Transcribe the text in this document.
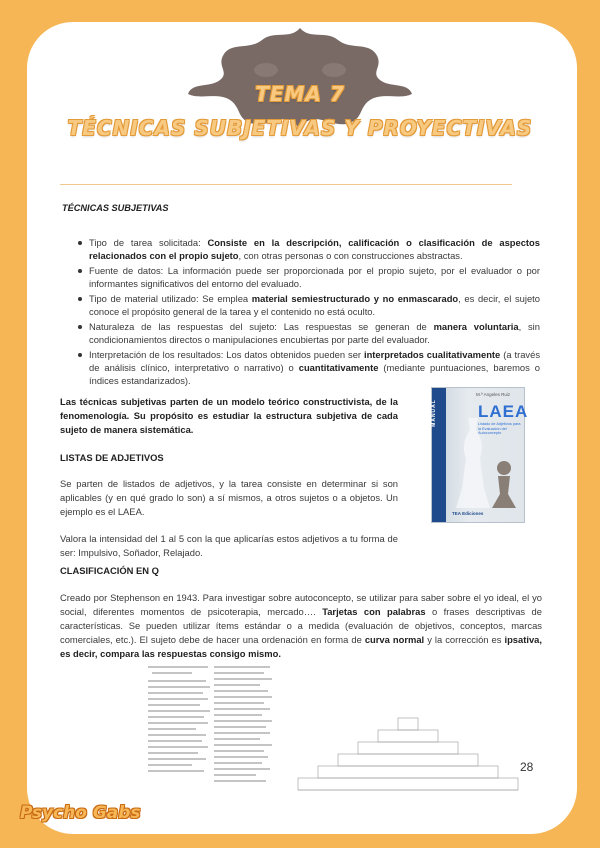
TEMA 7
TÉCNICAS SUBJETIVAS Y PROYECTIVAS
TÉCNICAS SUBJETIVAS
Tipo de tarea solicitada: Consiste en la descripción, calificación o clasificación de aspectos relacionados con el propio sujeto, con otras personas o con construcciones abstractas.
Fuente de datos: La información puede ser proporcionada por el propio sujeto, por el evaluador o por informantes significativos del entorno del evaluado.
Tipo de material utilizado: Se emplea material semiestructurado y no enmascarado, es decir, el sujeto conoce el propósito general de la tarea y el contenido no está oculto.
Naturaleza de las respuestas del sujeto: Las respuestas se generan de manera voluntaria, sin condicionamientos directos o manipulaciones encubiertas por parte del evaluador.
Interpretación de los resultados: Los datos obtenidos pueden ser interpretados cualitativamente (a través de análisis clínico, interpretativo o narrativo) o cuantitativamente (mediante puntuaciones, baremos o índices estandarizados).
Las técnicas subjetivas parten de un modelo teórico constructivista, de la fenomenología. Su propósito es estudiar la estructura subjetiva de cada sujeto de manera sistemática.
MANUAL
M.ª Angeles Ruiz
LAEA
Listado de Adjetivos para la Evaluación del Autoconcepto
TEA Ediciones
LISTAS DE ADJETIVOS
Se parten de listados de adjetivos, y la tarea consiste en determinar si son aplicables (y en qué grado lo son) a sí mismos, a otros sujetos o a objetos. Un ejemplo es el LAEA.
Valora la intensidad del 1 al 5 con la que aplicarías estos adjetivos a tu forma de ser: Impulsivo, Soñador, Relajado.
CLASIFICACIÓN EN Q
Creado por Stephenson en 1943. Para investigar sobre autoconcepto, se utilizar para saber sobre el yo ideal, el yo social, diferentes momentos de psicoterapia, mercado…. Tarjetas con palabras o frases descriptivas de características. Se pueden utilizar ítems estándar o a medida (evaluación de objetivos, conceptos, marcas comerciales, etc.). El sujeto debe de hacer una ordenación en forma de curva normal y la corrección es ipsativa, es decir, compara las respuestas consigo mismo.
28
Psycho Gabs
